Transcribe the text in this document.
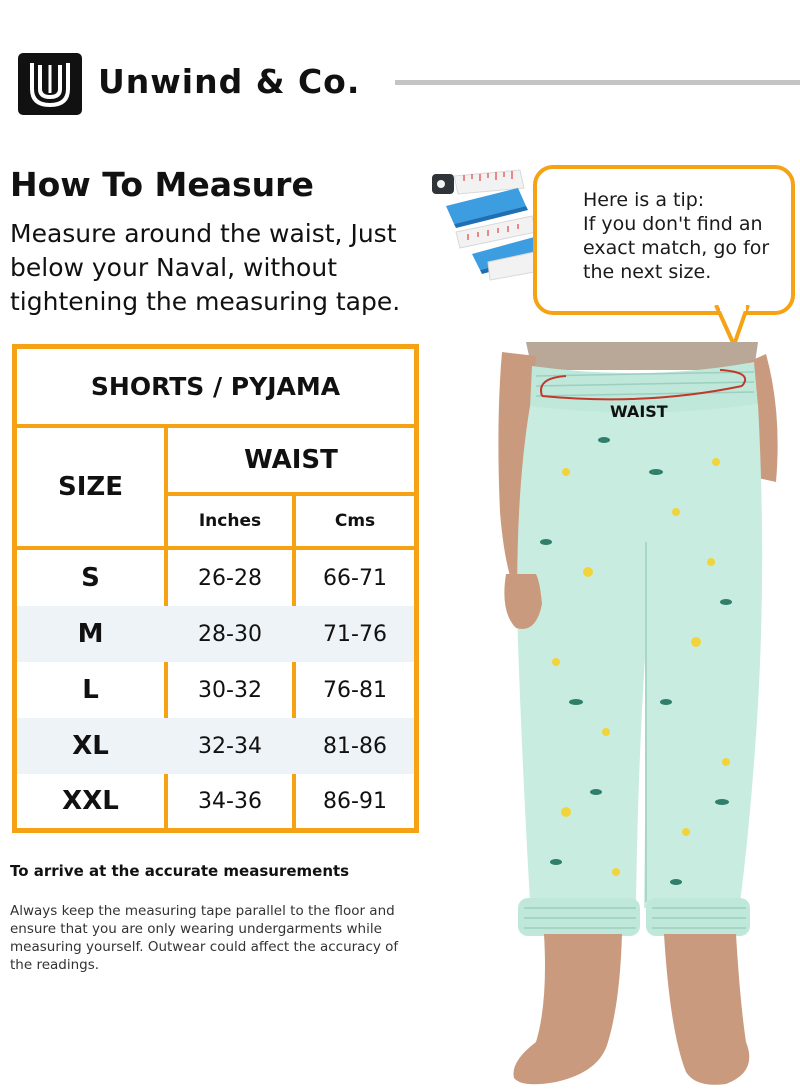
Unwind & Co.
How To Measure

Measure around the waist, Just below your Naval, without tightening the measuring tape.

Here is a tip:
If you don't find an exact match, go for the next size.
SHORTS / PYJAMA
SIZE
WAIST
Inches	Cms
S	26-28	66-71
M	28-30	71-76
L	30-32	76-81
XL	32-34	81-86
XXL	34-36	86-91
To arrive at the accurate measurements

Always keep the measuring tape parallel to the floor and ensure that you are only wearing undergarments while measuring yourself. Outwear could affect the accuracy of the readings.

WAIST
